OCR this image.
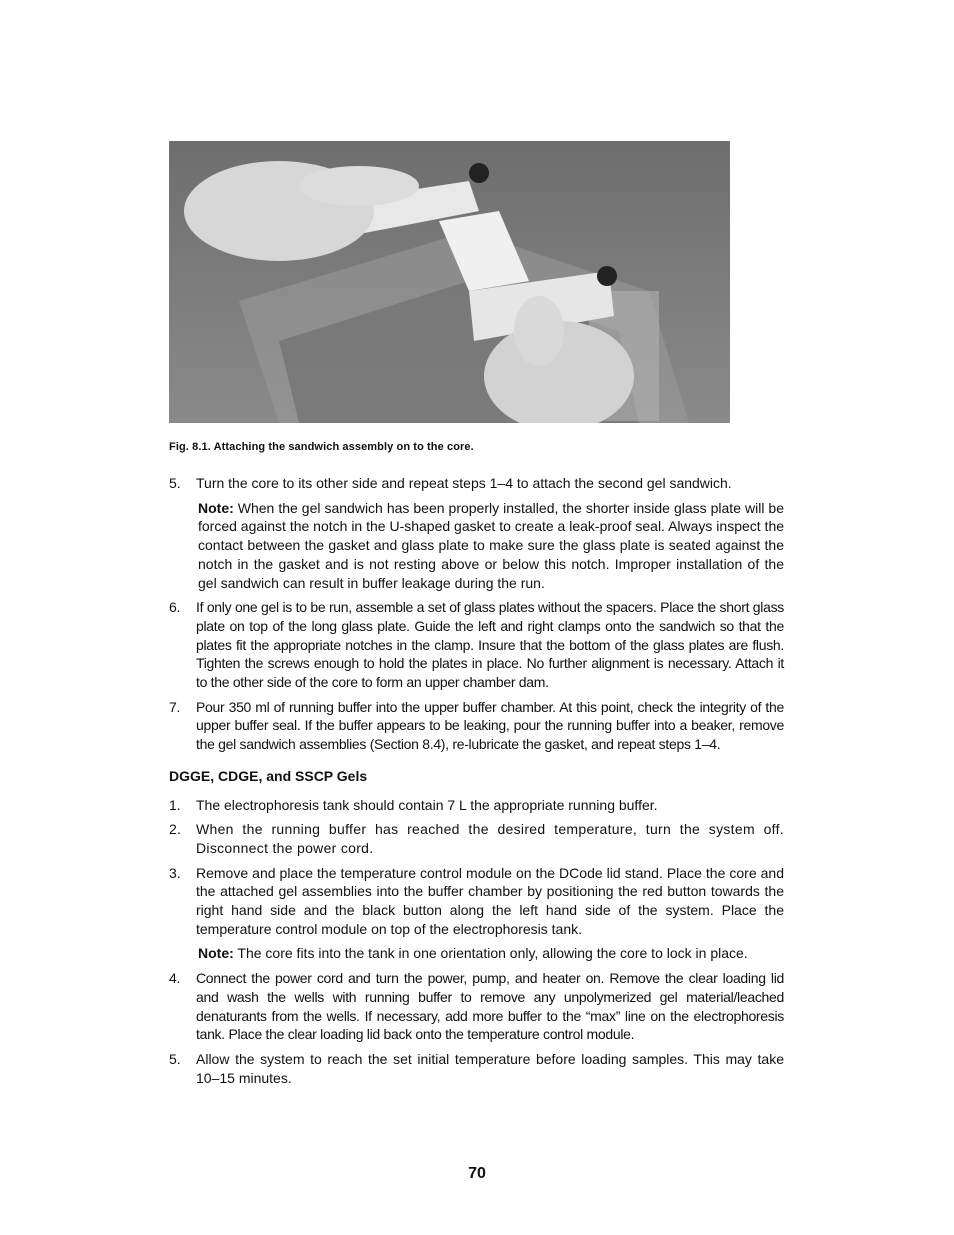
Fig. 8.1. Attaching the sandwich assembly on to the core.
5. Turn the core to its other side and repeat steps 1–4 to attach the second gel sandwich.
Note: When the gel sandwich has been properly installed, the shorter inside glass plate will be forced against the notch in the U-shaped gasket to create a leak-proof seal. Always inspect the contact between the gasket and glass plate to make sure the glass plate is seated against the notch in the gasket and is not resting above or below this notch. Improper installation of the gel sandwich can result in buffer leakage during the run.
6. If only one gel is to be run, assemble a set of glass plates without the spacers. Place the short glass plate on top of the long glass plate. Guide the left and right clamps onto the sandwich so that the plates fit the appropriate notches in the clamp. Insure that the bottom of the glass plates are flush. Tighten the screws enough to hold the plates in place. No further alignment is necessary. Attach it to the other side of the core to form an upper chamber dam.
7. Pour 350 ml of running buffer into the upper buffer chamber. At this point, check the integrity of the upper buffer seal. If the buffer appears to be leaking, pour the running buffer into a beaker, remove the gel sandwich assemblies (Section 8.4), re-lubricate the gasket, and repeat steps 1–4.
DGGE, CDGE, and SSCP Gels
1. The electrophoresis tank should contain 7 L the appropriate running buffer.
2. When the running buffer has reached the desired temperature, turn the system off. Disconnect the power cord.
3. Remove and place the temperature control module on the DCode lid stand. Place the core and the attached gel assemblies into the buffer chamber by positioning the red button towards the right hand side and the black button along the left hand side of the system. Place the temperature control module on top of the electrophoresis tank.
Note: The core fits into the tank in one orientation only, allowing the core to lock in place.
4. Connect the power cord and turn the power, pump, and heater on. Remove the clear loading lid and wash the wells with running buffer to remove any unpolymerized gel material/leached denaturants from the wells. If necessary, add more buffer to the “max” line on the electrophoresis tank. Place the clear loading lid back onto the temperature control module.
5. Allow the system to reach the set initial temperature before loading samples. This may take 10–15 minutes.
70
